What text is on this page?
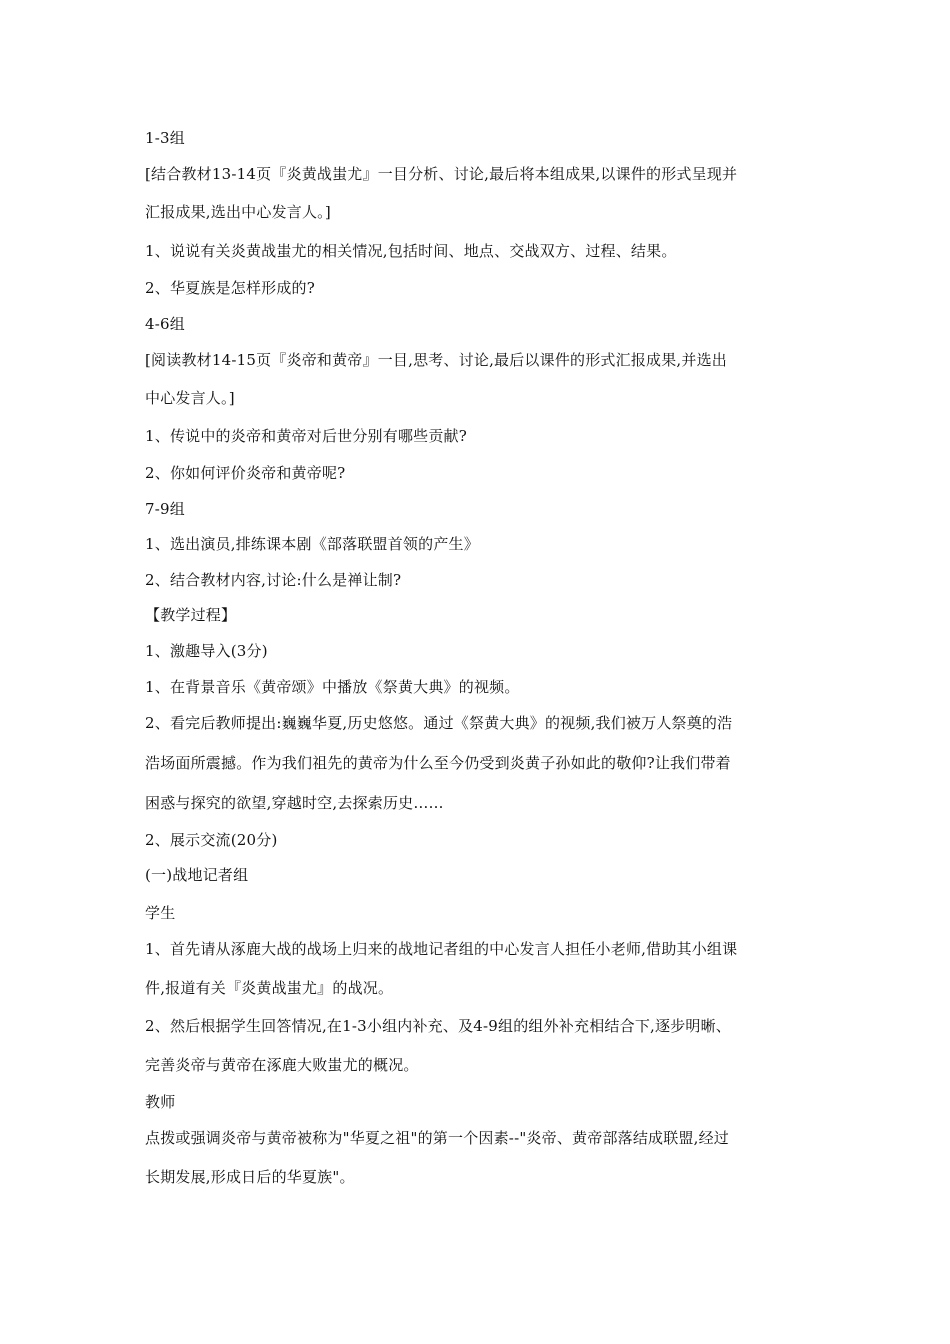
1-3组
[结合教材13-14页『炎黄战蚩尤』一目分析、讨论,最后将本组成果,以课件的形式呈现并
汇报成果,选出中心发言人。]
1、说说有关炎黄战蚩尤的相关情况,包括时间、地点、交战双方、过程、结果。
2、华夏族是怎样形成的?
4-6组
[阅读教材14-15页『炎帝和黄帝』一目,思考、讨论,最后以课件的形式汇报成果,并选出
中心发言人。]
1、传说中的炎帝和黄帝对后世分别有哪些贡献?
2、你如何评价炎帝和黄帝呢?
7-9组
1、选出演员,排练课本剧《部落联盟首领的产生》
2、结合教材内容,讨论:什么是禅让制?
【教学过程】
1、激趣导入(3分)
1、在背景音乐《黄帝颂》中播放《祭黄大典》的视频。
2、看完后教师提出:巍巍华夏,历史悠悠。通过《祭黄大典》的视频,我们被万人祭奠的浩
浩场面所震撼。作为我们祖先的黄帝为什么至今仍受到炎黄子孙如此的敬仰?让我们带着
困惑与探究的欲望,穿越时空,去探索历史……
2、展示交流(20分)
(一)战地记者组
学生
1、首先请从涿鹿大战的战场上归来的战地记者组的中心发言人担任小老师,借助其小组课
件,报道有关『炎黄战蚩尤』的战况。
2、然后根据学生回答情况,在1-3小组内补充、及4-9组的组外补充相结合下,逐步明晰、
完善炎帝与黄帝在涿鹿大败蚩尤的概况。
教师
点拨或强调炎帝与黄帝被称为"华夏之祖"的第一个因素--"炎帝、黄帝部落结成联盟,经过
长期发展,形成日后的华夏族"。
